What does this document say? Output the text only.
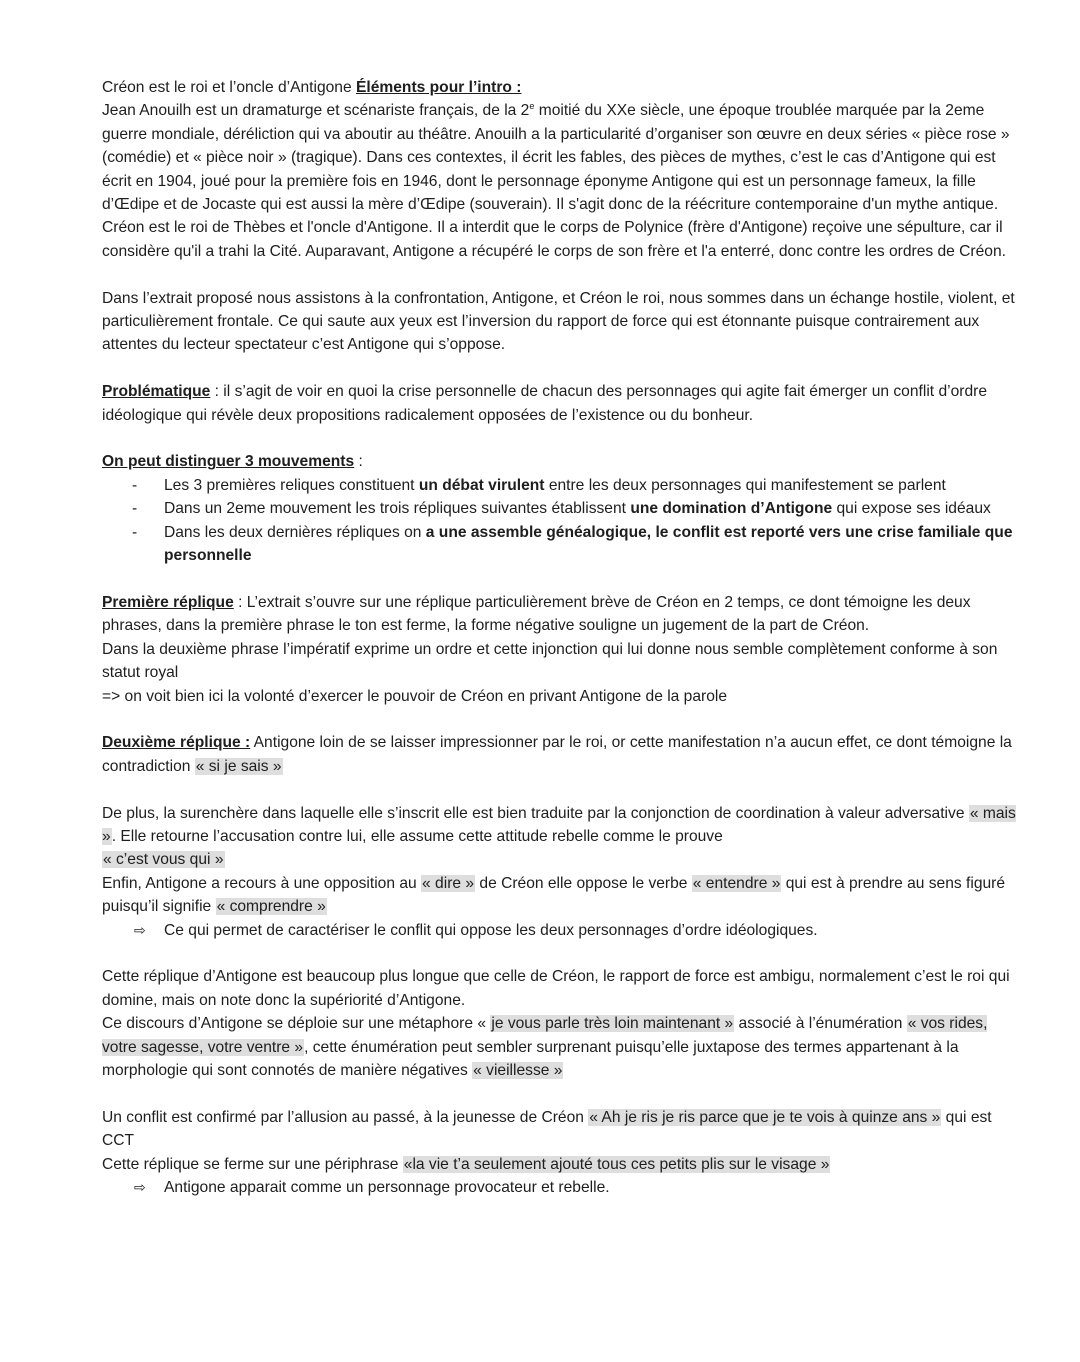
Créon est le roi et l’oncle d’Antigone Éléments pour l’intro :

Jean Anouilh est un dramaturge et scénariste français, de la 2e moitié du XXe siècle, une époque troublée marquée par la 2eme guerre mondiale, déréliction qui va aboutir au théâtre. Anouilh a la particularité d’organiser son œuvre en deux séries « pièce rose » (comédie) et « pièce noir » (tragique). Dans ces contextes, il écrit les fables, des pièces de mythes, c’est le cas d’Antigone qui est écrit en 1904, joué pour la première fois en 1946, dont le personnage éponyme Antigone qui est un personnage fameux, la fille d’Œdipe et de Jocaste qui est aussi la mère d’Œdipe (souverain). Il s'agit donc de la réécriture contemporaine d'un mythe antique. Créon est le roi de Thèbes et l'oncle d'Antigone. Il a interdit que le corps de Polynice (frère d'Antigone) reçoive une sépulture, car il considère qu'il a trahi la Cité. Auparavant, Antigone a récupéré le corps de son frère et l'a enterré, donc contre les ordres de Créon.

Dans l’extrait proposé nous assistons à la confrontation, Antigone, et Créon le roi, nous sommes dans un échange hostile, violent, et particulièrement frontale. Ce qui saute aux yeux est l’inversion du rapport de force qui est étonnante puisque contrairement aux attentes du lecteur spectateur c’est Antigone qui s’oppose.

Problématique : il s’agit de voir en quoi la crise personnelle de chacun des personnages qui agite fait émerger un conflit d’ordre idéologique qui révèle deux propositions radicalement opposées de l’existence ou du bonheur.

On peut distinguer 3 mouvements :

- Les 3 premières reliques constituent un débat virulent entre les deux personnages qui manifestement se parlent
- Dans un 2eme mouvement les trois répliques suivantes établissent une domination d’Antigone qui expose ses idéaux
- Dans les deux dernières répliques on a une assemble généalogique, le conflit est reporté vers une crise familiale que personnelle

Première réplique : L’extrait s’ouvre sur une réplique particulièrement brève de Créon en 2 temps, ce dont témoigne les deux phrases, dans la première phrase le ton est ferme, la forme négative souligne un jugement de la part de Créon.

Dans la deuxième phrase l’impératif exprime un ordre et cette injonction qui lui donne nous semble complètement conforme à son statut royal

=> on voit bien ici la volonté d’exercer le pouvoir de Créon en privant Antigone de la parole

Deuxième réplique : Antigone loin de se laisser impressionner par le roi, or cette manifestation n’a aucun effet, ce dont témoigne la contradiction « si je sais »

De plus, la surenchère dans laquelle elle s’inscrit elle est bien traduite par la conjonction de coordination à valeur adversative « mais ». Elle retourne l’accusation contre lui, elle assume cette attitude rebelle comme le prouve
« c’est vous qui »

Enfin, Antigone a recours à une opposition au « dire » de Créon elle oppose le verbe « entendre » qui est à prendre au sens figuré puisqu’il signifie « comprendre »

⇨ Ce qui permet de caractériser le conflit qui oppose les deux personnages d’ordre idéologiques.

Cette réplique d’Antigone est beaucoup plus longue que celle de Créon, le rapport de force est ambigu, normalement c’est le roi qui domine, mais on note donc la supériorité d’Antigone.

Ce discours d’Antigone se déploie sur une métaphore « je vous parle très loin maintenant » associé à l’énumération « vos rides, votre sagesse, votre ventre », cette énumération peut sembler surprenant puisqu’elle juxtapose des termes appartenant à la morphologie qui sont connotés de manière négatives « vieillesse »

Un conflit est confirmé par l’allusion au passé, à la jeunesse de Créon « Ah je ris je ris parce que je te vois à quinze ans » qui est CCT

Cette réplique se ferme sur une périphrase «la vie t’a seulement ajouté tous ces petits plis sur le visage »

⇨ Antigone apparait comme un personnage provocateur et rebelle.
